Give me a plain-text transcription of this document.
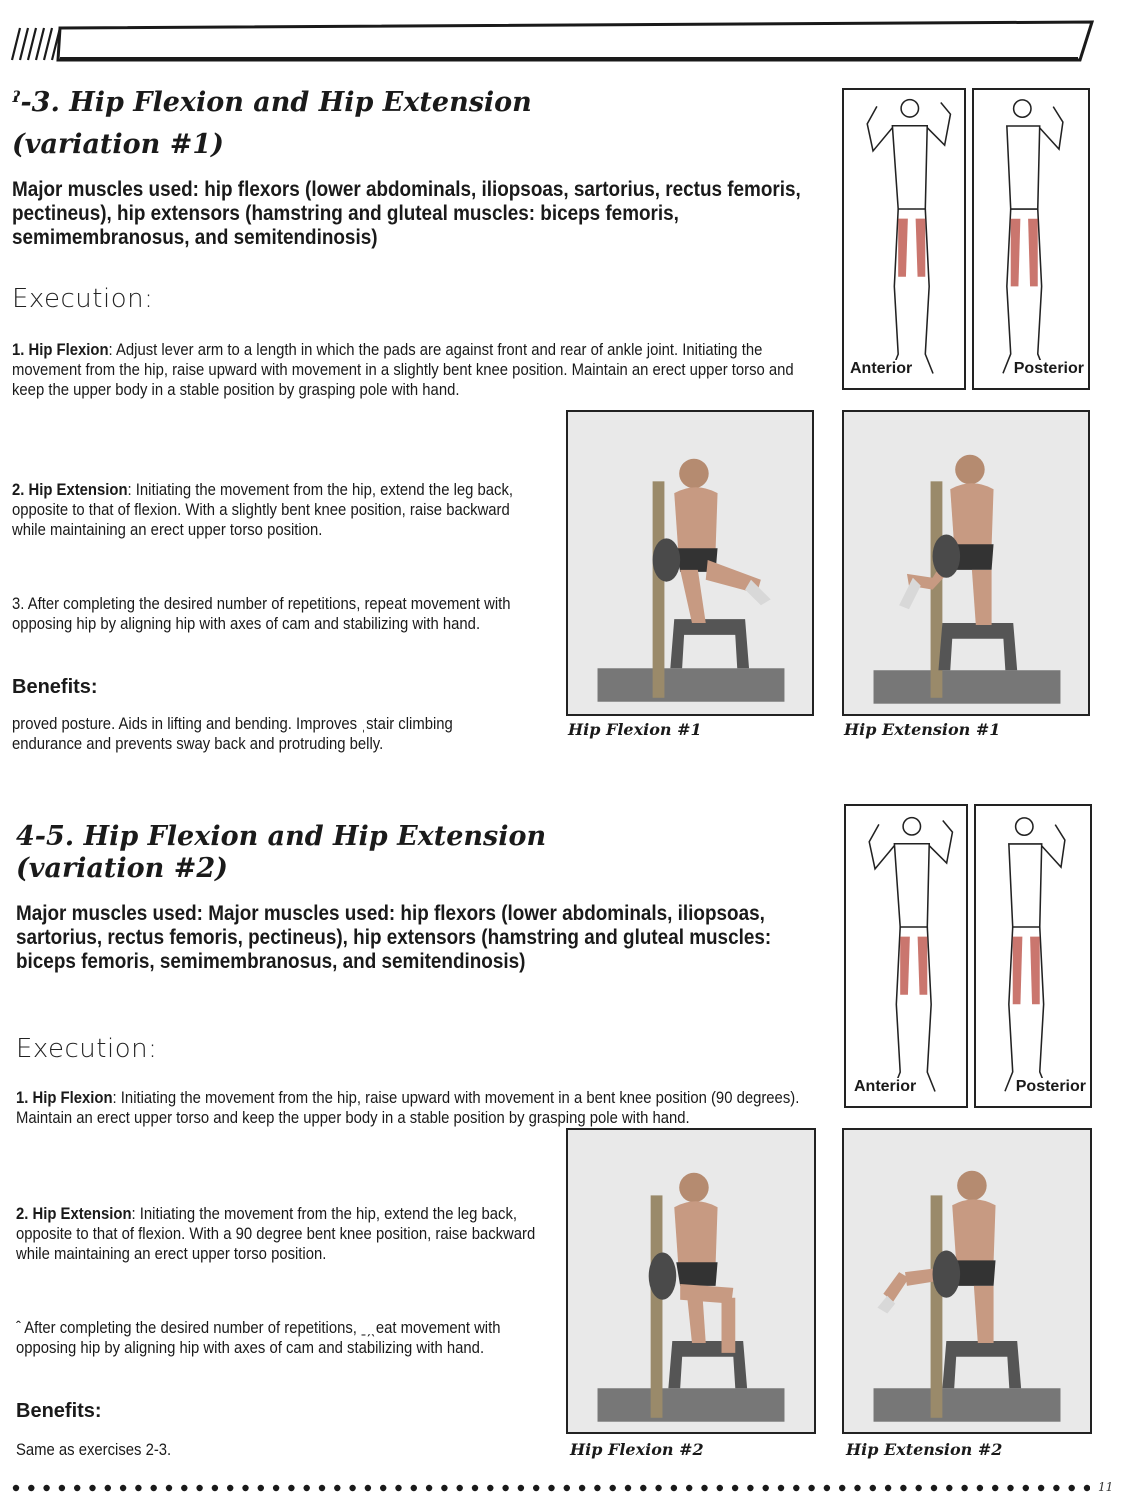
ˀ-3. Hip Flexion and Hip Extension
(variation #1)

Major muscles used: hip flexors (lower abdominals, iliopsoas, sartorius, rectus femoris, pectineus), hip extensors (hamstring and gluteal muscles: biceps femoris, semimembranosus, and semitendinosis)

Execution:

1. Hip Flexion: Adjust lever arm to a length in which the pads are against front and rear of ankle joint. Initiating the movement from the hip, raise upward with movement in a slightly bent knee position. Maintain an erect upper torso and keep the upper body in a stable position by grasping pole with hand.

2. Hip Extension: Initiating the movement from the hip, extend the leg back, opposite to that of flexion. With a slightly bent knee position, raise backward while maintaining an erect upper torso position.

3. After completing the desired number of repetitions, repeat movement with opposing hip by aligning hip with axes of cam and stabilizing with hand.

Benefits:

proved posture. Aids in lifting and bending. Improves ˌstair climbing endurance and prevents sway back and protruding belly.

Hip Flexion #1	Hip Extension #1

Anterior	Posterior
4-5. Hip Flexion and Hip Extension
(variation #2)

Major muscles used: Major muscles used: hip flexors (lower abdominals, iliopsoas, sartorius, rectus femoris, pectineus), hip extensors (hamstring and gluteal muscles: biceps femoris, semimembranosus, and semitendinosis)

Execution:

1. Hip Flexion: Initiating the movement from the hip, raise upward with movement in a bent knee position (90 degrees). Maintain an erect upper torso and keep the upper body in a stable position by grasping pole with hand.

2. Hip Extension: Initiating the movement from the hip, extend the leg back, opposite to that of flexion. With a 90 degree bent knee position, raise backward while maintaining an erect upper torso position.

ˆ After completing the desired number of repetitions, ˍˏˎeat movement with opposing hip by aligning hip with axes of cam and stabilizing with hand.

Benefits:

Same as exercises 2-3.	Hip Flexion #2	Hip Extension #2

Anterior	Posterior
11
